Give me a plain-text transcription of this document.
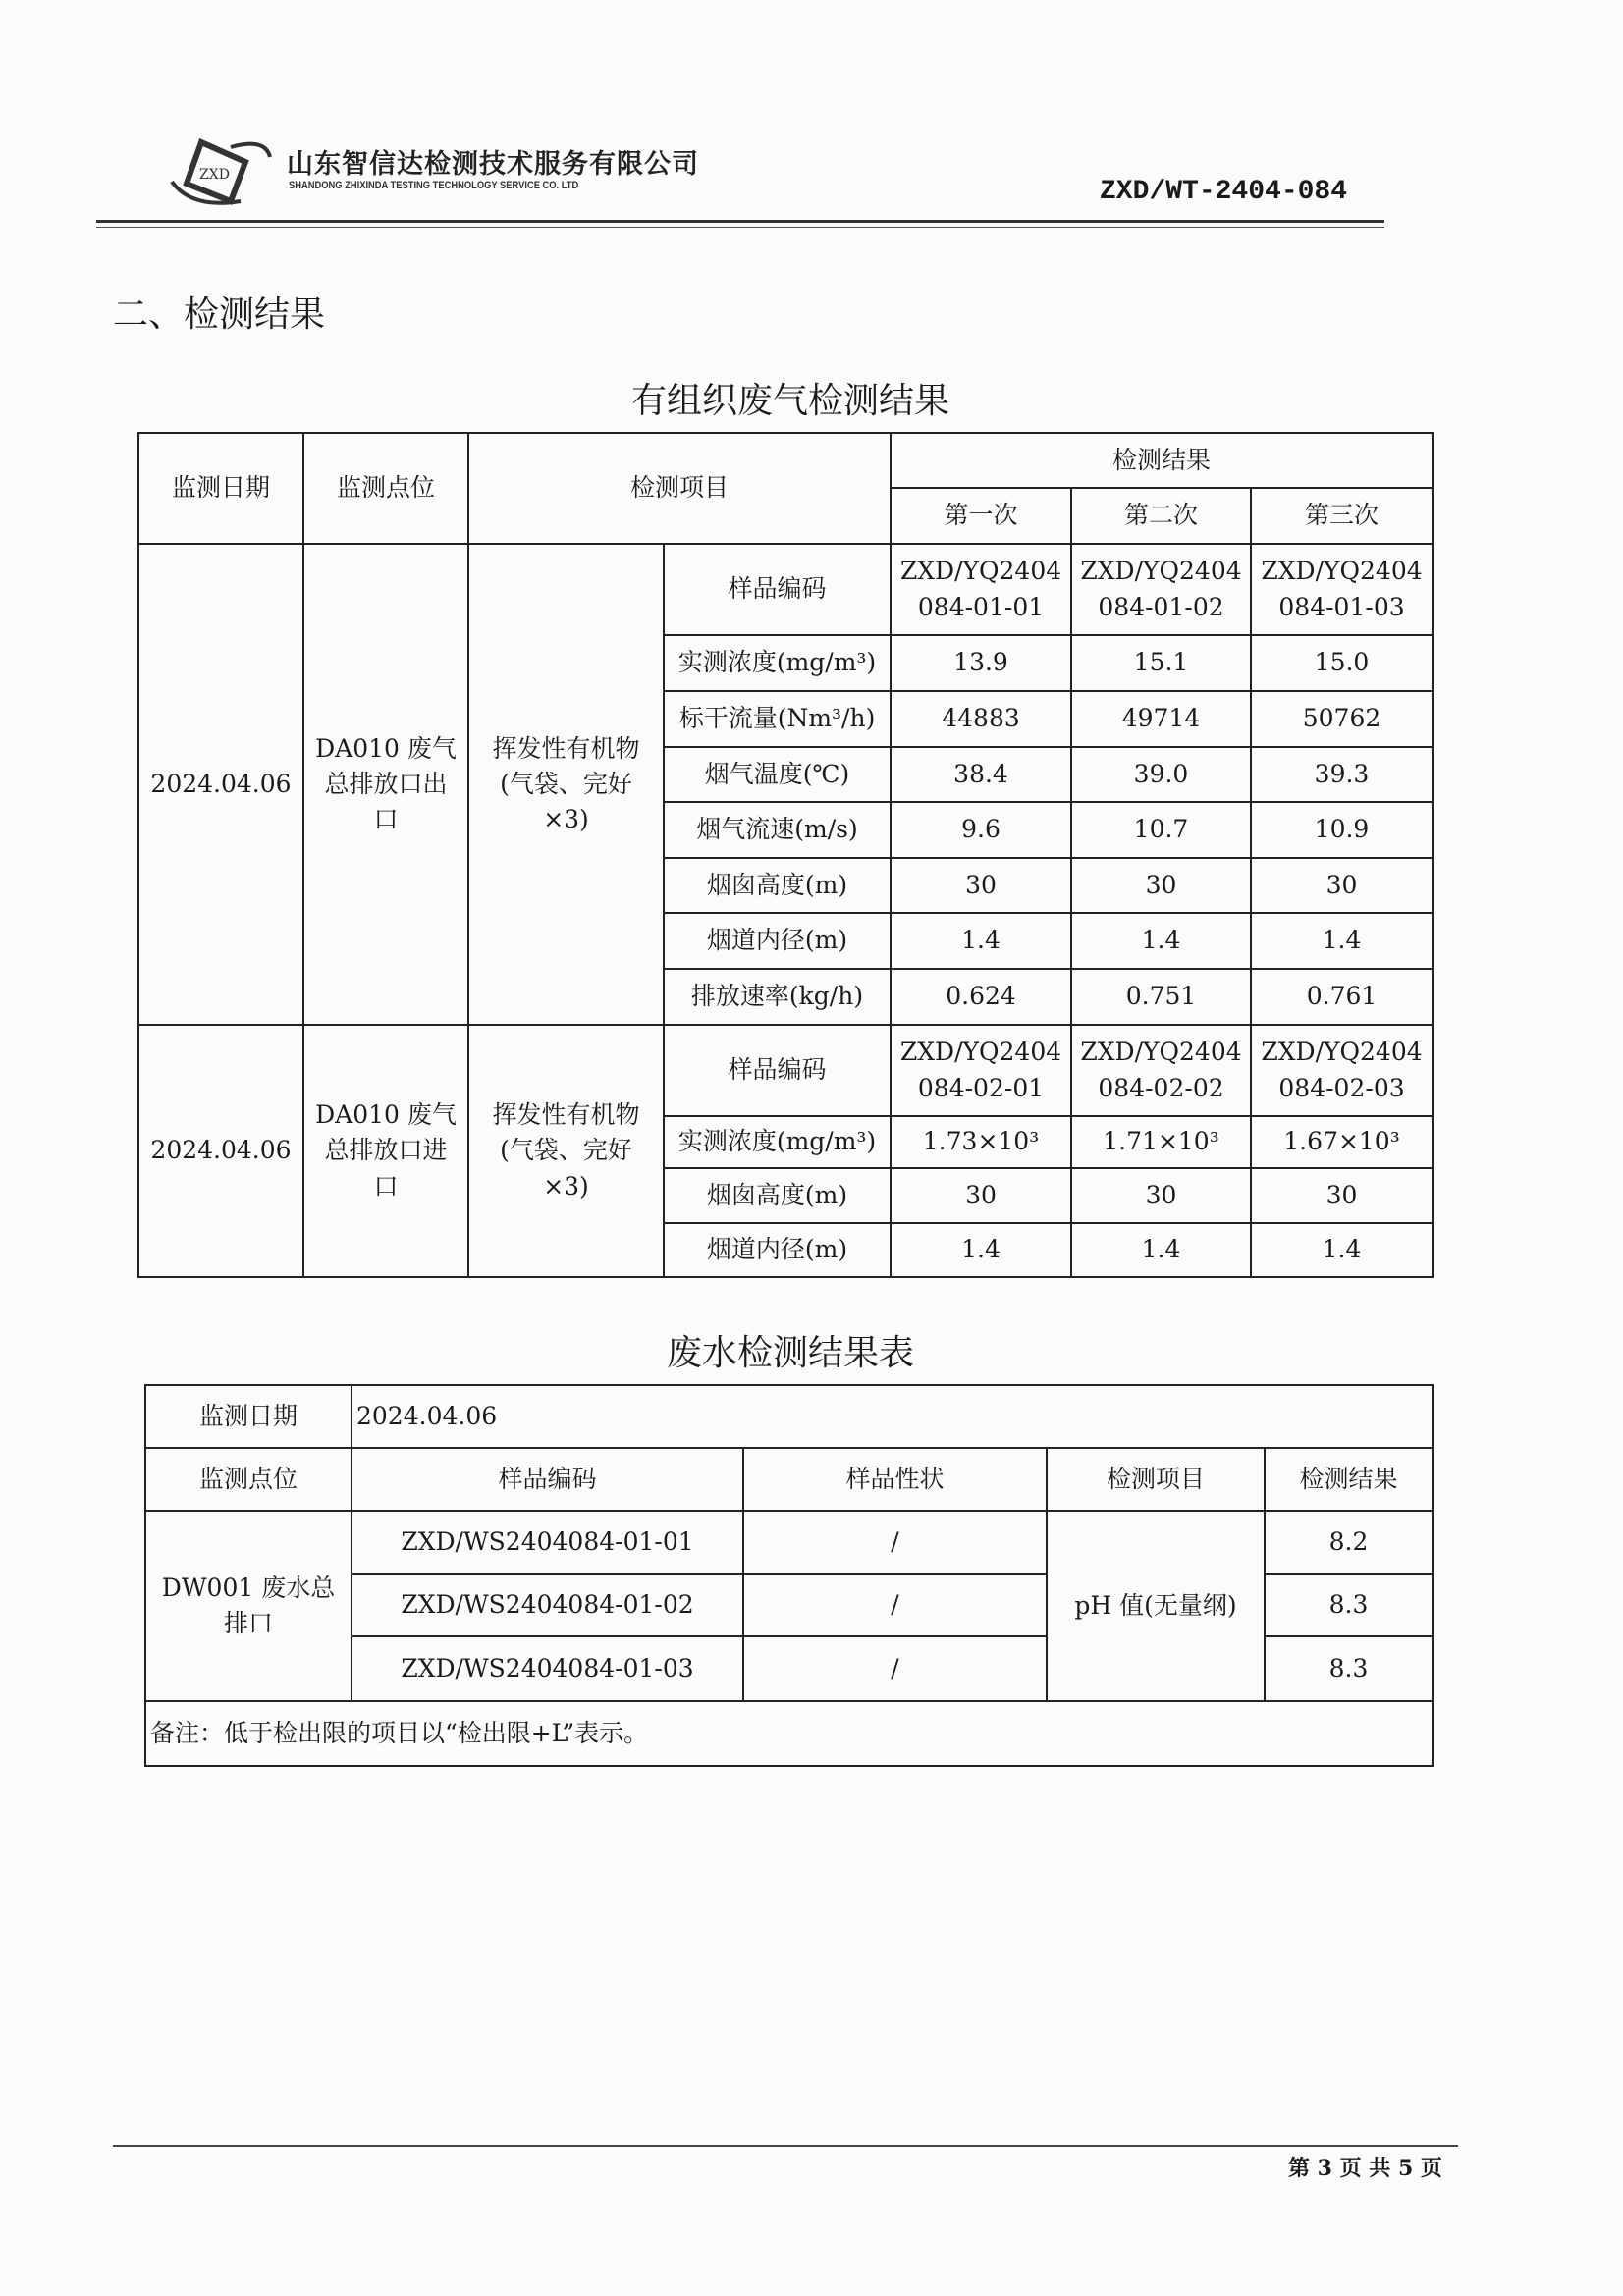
ZXD 山东智信达检测技术服务有限公司
SHANDONG ZHIXINDA TESTING TECHNOLOGY SERVICE CO. LTD	ZXD/WT-2404-084
二、检测结果
有组织废气检测结果
监测日期	监测点位	检测项目		检测结果		
				第一次	第二次	第三次
2024.04.06	DA010 废气总排放口出口	挥发性有机物(气袋、完好×3)	样品编码	ZXD/YQ2404084-01-01	ZXD/YQ2404084-01-02	ZXD/YQ2404084-01-03
			实测浓度(mg/m³)	13.9	15.1	15.0
			标干流量(Nm³/h)	44883	49714	50762
			烟气温度(℃)	38.4	39.0	39.3
			烟气流速(m/s)	9.6	10.7	10.9
			烟囱高度(m)	30	30	30
			烟道内径(m)	1.4	1.4	1.4
			排放速率(kg/h)	0.624	0.751	0.761
2024.04.06	DA010 废气总排放口进口	挥发性有机物(气袋、完好×3)	样品编码	ZXD/YQ2404084-02-01	ZXD/YQ2404084-02-02	ZXD/YQ2404084-02-03
			实测浓度(mg/m³)	1.73×10³	1.71×10³	1.67×10³
			烟囱高度(m)	30	30	30
			烟道内径(m)	1.4	1.4	1.4
废水检测结果表
监测日期	2024.04.06			
监测点位	样品编码	样品性状	检测项目	检测结果
DW001 废水总排口	ZXD/WS2404084-01-01	/	pH 值(无量纲)	8.2
	ZXD/WS2404084-01-02	/		8.3
	ZXD/WS2404084-01-03	/		8.3
备注：低于检出限的项目以“检出限+L”表示。				
第 3 页 共 5 页
